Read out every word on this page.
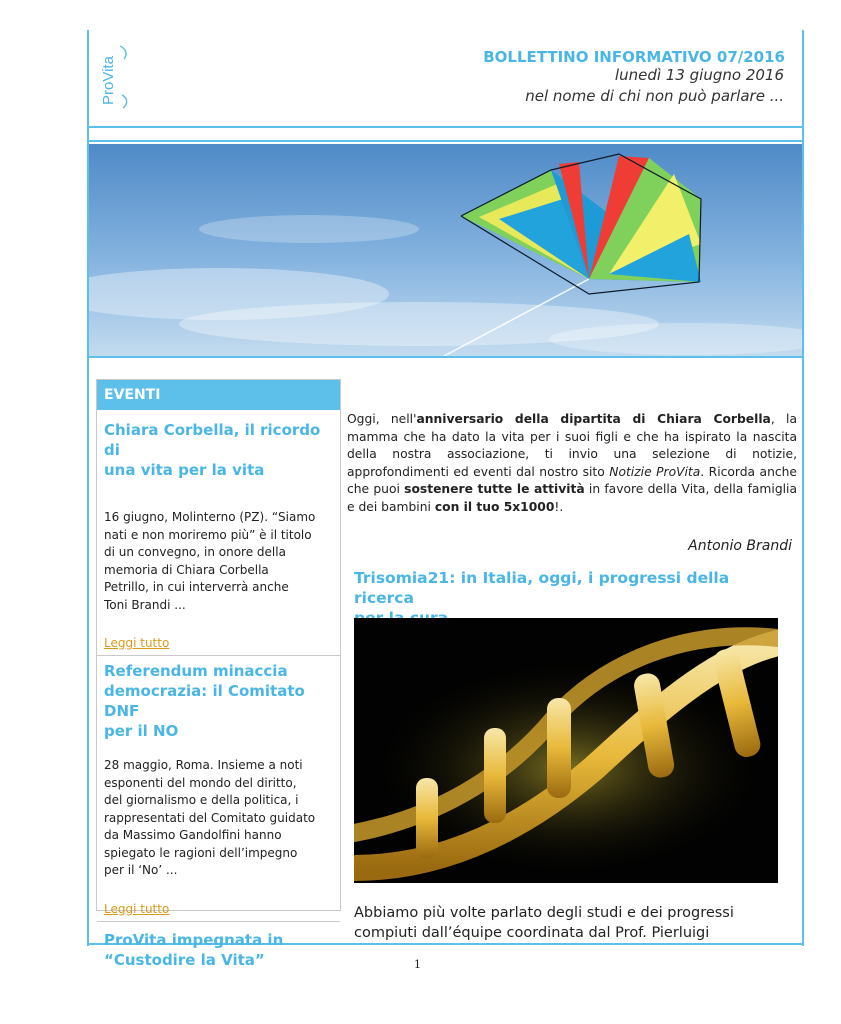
ProVita	BOLLETTINO INFORMATIVO 07/2016
lunedì 13 giugno 2016
nel nome di chi non può parlare ...
EVENTI
Chiara Corbella, il ricordo di
una vita per la vita
16 giugno, Molinterno (PZ). “Siamo
nati e non moriremo più” è il titolo
di un convegno, in onore della
memoria di Chiara Corbella
Petrillo, in cui interverrà anche
Toni Brandi ...
Leggi tutto
Referendum minaccia
democrazia: il Comitato DNF
per il NO
28 maggio, Roma. Insieme a noti
esponenti del mondo del diritto,
del giornalismo e della politica, i
rappresentati del Comitato guidato
da Massimo Gandolfini hanno
spiegato le ragioni dell’impegno
per il ‘No’ ...
Leggi tutto
ProVita impegnata in
“Custodire la Vita”
Oggi, nell'anniversario della dipartita di Chiara Corbella, la mamma che ha dato la vita per i suoi figli e che ha ispirato la nascita della nostra associazione, ti invio una selezione di notizie, approfondimenti ed eventi dal nostro sito Notizie ProVita. Ricorda anche che puoi sostenere tutte le attività in favore della Vita, della famiglia e dei bambini con il tuo 5x1000!.
Antonio Brandi
Trisomia21: in Italia, oggi, i progressi della ricerca
Abbiamo più volte parlato degli studi e dei progressi
compiuti dall’équipe coordinata dal Prof. Pierluigi
1
